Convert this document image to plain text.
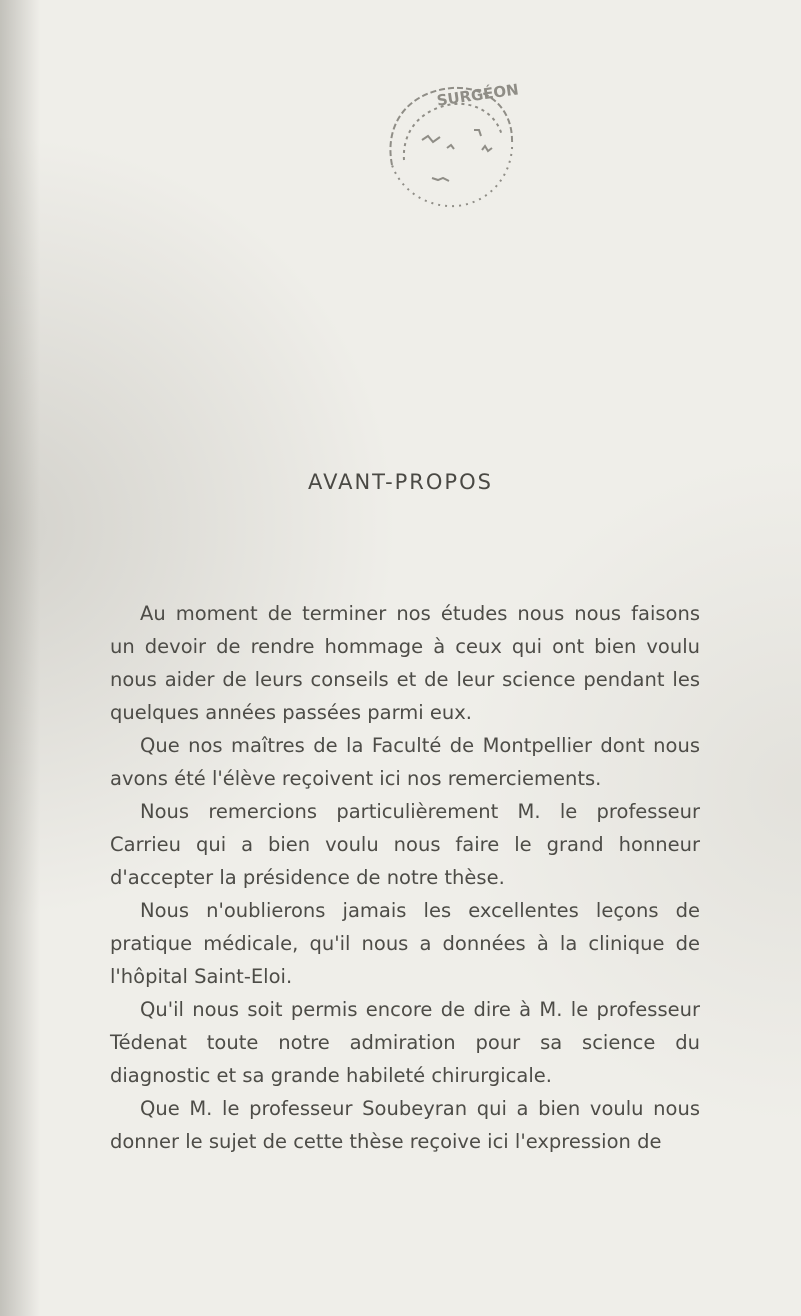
SURGÉON
AVANT-PROPOS

Au moment de terminer nos études nous nous faisons un devoir de rendre hommage à ceux qui ont bien voulu nous aider de leurs conseils et de leur science pendant les quelques années passées parmi eux.

Que nos maîtres de la Faculté de Montpellier dont nous avons été l'élève reçoivent ici nos remerciements.

Nous remercions particulièrement M. le professeur Carrieu qui a bien voulu nous faire le grand honneur d'accepter la présidence de notre thèse.

Nous n'oublierons jamais les excellentes leçons de pratique médicale, qu'il nous a données à la clinique de l'hôpital Saint-Eloi.

Qu'il nous soit permis encore de dire à M. le professeur Tédenat toute notre admiration pour sa science du diagnostic et sa grande habileté chirurgicale.

Que M. le professeur Soubeyran qui a bien voulu nous donner le sujet de cette thèse reçoive ici l'expression de
